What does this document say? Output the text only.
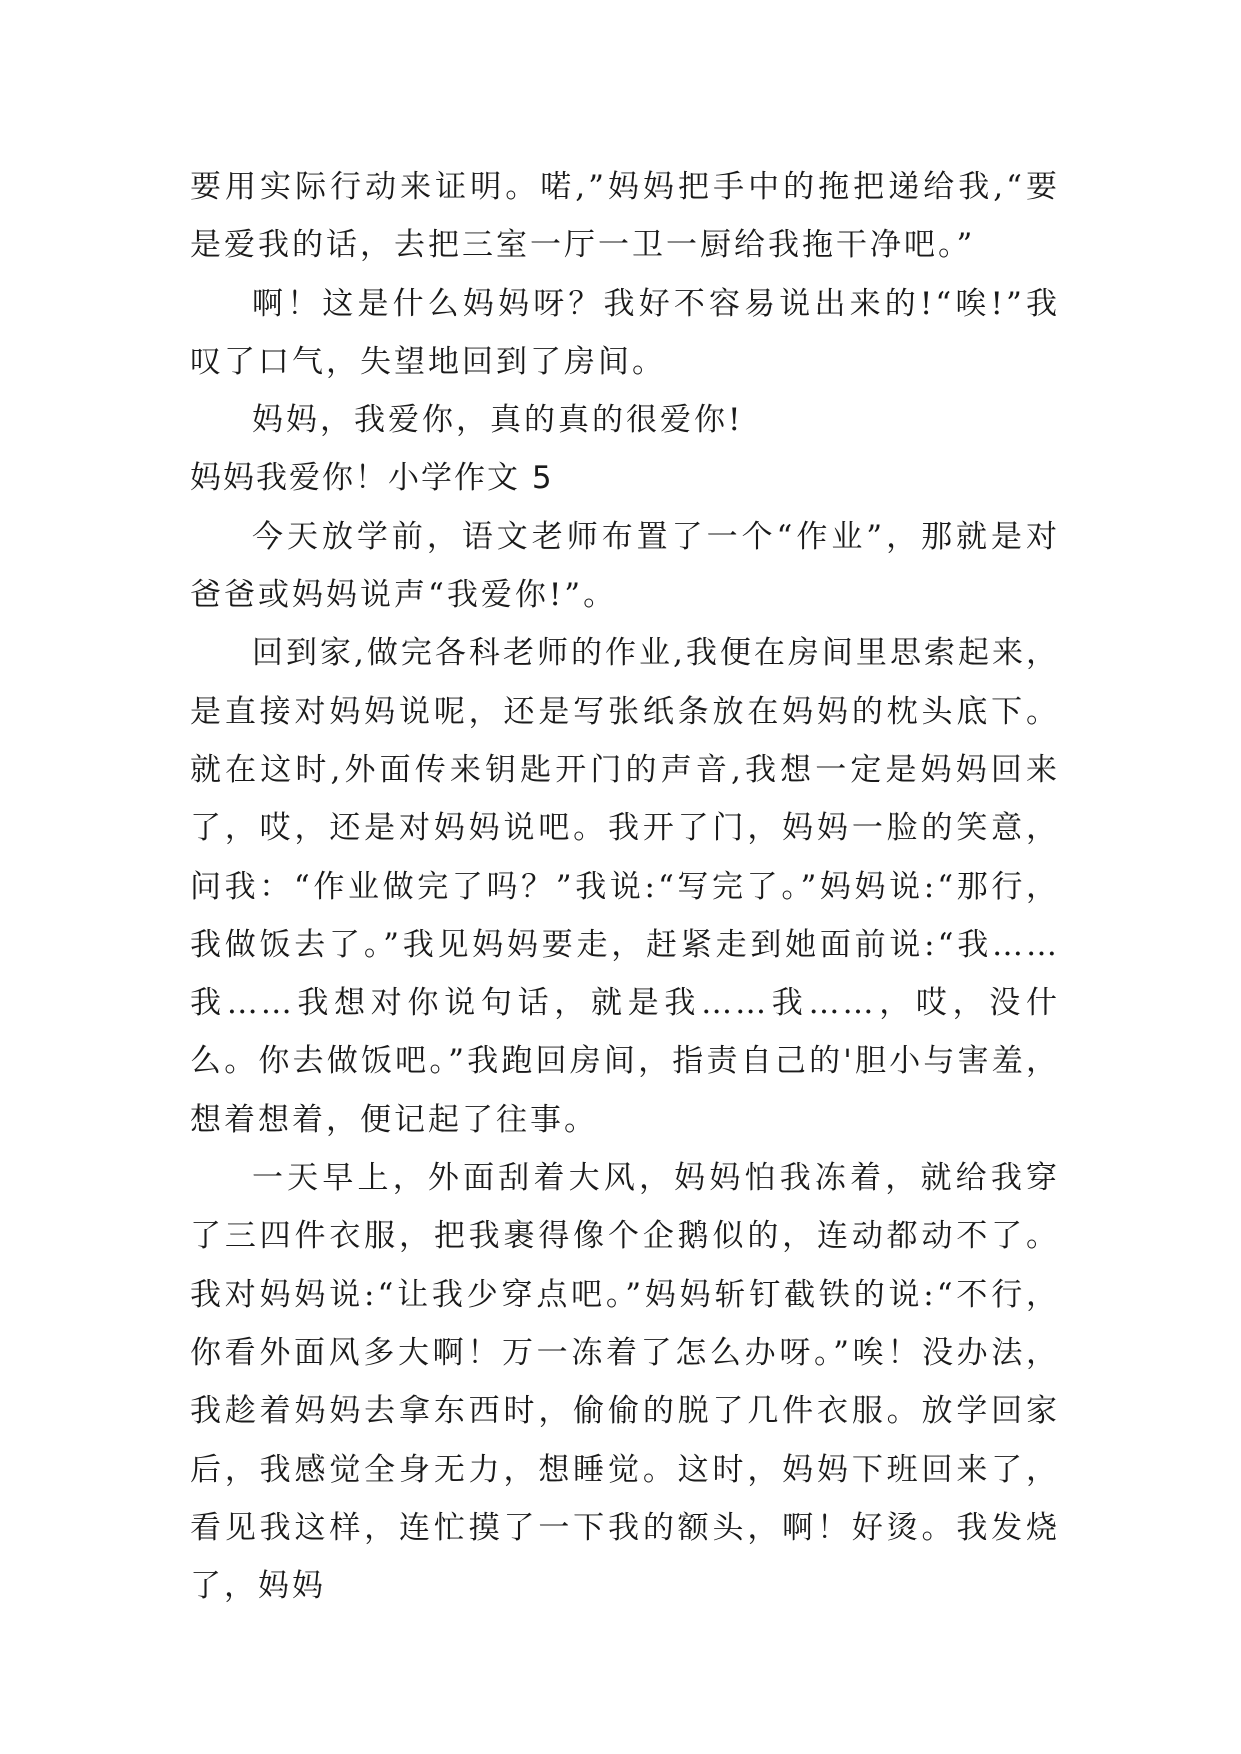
要用实际行动来证明。喏,”妈妈把手中的拖把递给我,“要是爱我的话，去把三室一厅一卫一厨给我拖干净吧。”

啊！这是什么妈妈呀？我好不容易说出来的!“唉!”我叹了口气，失望地回到了房间。

妈妈，我爱你，真的真的很爱你!

妈妈我爱你！小学作文 5

今天放学前，语文老师布置了一个“作业”，那就是对爸爸或妈妈说声“我爱你!”。

回到家,做完各科老师的作业,我便在房间里思索起来，是直接对妈妈说呢，还是写张纸条放在妈妈的枕头底下。就在这时,外面传来钥匙开门的声音,我想一定是妈妈回来了，哎，还是对妈妈说吧。我开了门，妈妈一脸的笑意，问我：“作业做完了吗？”我说:“写完了。”妈妈说:“那行，我做饭去了。”我见妈妈要走，赶紧走到她面前说:“我……我……我想对你说句话，就是我……我……，哎，没什么。你去做饭吧。”我跑回房间，指责自己的'胆小与害羞，想着想着，便记起了往事。

一天早上，外面刮着大风，妈妈怕我冻着，就给我穿了三四件衣服，把我裹得像个企鹅似的，连动都动不了。我对妈妈说:“让我少穿点吧。”妈妈斩钉截铁的说:“不行，你看外面风多大啊！万一冻着了怎么办呀。”唉！没办法，我趁着妈妈去拿东西时，偷偷的脱了几件衣服。放学回家后，我感觉全身无力，想睡觉。这时，妈妈下班回来了，看见我这样，连忙摸了一下我的额头，啊！好烫。我发烧了，妈妈
